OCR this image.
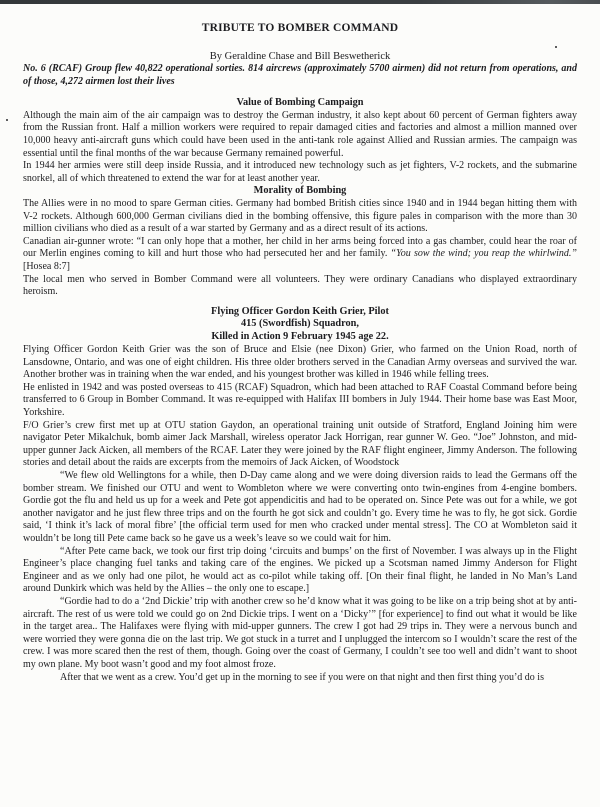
TRIBUTE TO BOMBER COMMAND
By Geraldine Chase and Bill Beswetherick

No. 6 (RCAF) Group flew 40,822 operational sorties. 814 aircrews (approximately 5700 airmen) did not return from operations, and of those, 4,272 airmen lost their lives

Value of Bombing Campaign

Although the main aim of the air campaign was to destroy the German industry, it also kept about 60 percent of German fighters away from the Russian front. Half a million workers were required to repair damaged cities and factories and almost a million manned over 10,000 heavy anti-aircraft guns which could have been used in the anti-tank role against Allied and Russian armies. The campaign was essential until the final months of the war because Germany remained powerful.

In 1944 her armies were still deep inside Russia, and it introduced new technology such as jet fighters, V-2 rockets, and the submarine snorkel, all of which threatened to extend the war for at least another year.

Morality of Bombing

The Allies were in no mood to spare German cities. Germany had bombed British cities since 1940 and in 1944 began hitting them with V-2 rockets. Although 600,000 German civilians died in the bombing offensive, this figure pales in comparison with the more than 30 million civilians who died as a result of a war started by Germany and as a direct result of its actions.

Canadian air-gunner wrote: “I can only hope that a mother, her child in her arms being forced into a gas chamber, could hear the roar of our Merlin engines coming to kill and hurt those who had persecuted her and her family. “You sow the wind; you reap the whirlwind.” [Hosea 8:7]

The local men who served in Bomber Command were all volunteers. They were ordinary Canadians who displayed extraordinary heroism.

Flying Officer Gordon Keith Grier, Pilot
415 (Swordfish) Squadron,
Killed in Action 9 February 1945 age 22.

Flying Officer Gordon Keith Grier was the son of Bruce and Elsie (nee Dixon) Grier, who farmed on the Union Road, north of Lansdowne, Ontario, and was one of eight children. His three older brothers served in the Canadian Army overseas and survived the war. Another brother was in training when the war ended, and his youngest brother was killed in 1946 while felling trees.

He enlisted in 1942 and was posted overseas to 415 (RCAF) Squadron, which had been attached to RAF Coastal Command before being transferred to 6 Group in Bomber Command. It was re-equipped with Halifax III bombers in July 1944. Their home base was East Moor, Yorkshire.

F/O Grier’s crew first met up at OTU station Gaydon, an operational training unit outside of Stratford, England Joining him were navigator Peter Mikalchuk, bomb aimer Jack Marshall, wireless operator Jack Horrigan, rear gunner W. Geo. “Joe” Johnston, and mid-upper gunner Jack Aicken, all members of the RCAF. Later they were joined by the RAF flight engineer, Jimmy Anderson. The following stories and detail about the raids are excerpts from the memoirs of Jack Aicken, of Woodstock

“We flew old Wellingtons for a while, then D-Day came along and we were doing diversion raids to lead the Germans off the bomber stream. We finished our OTU and went to Wombleton where we were converting onto twin-engines from 4-engine bombers. Gordie got the flu and held us up for a week and Pete got appendicitis and had to be operated on. Since Pete was out for a while, we got another navigator and he just flew three trips and on the fourth he got sick and couldn’t go. Every time he was to fly, he got sick. Gordie said, ‘I think it’s lack of moral fibre’ [the official term used for men who cracked under mental stress]. The CO at Wombleton said it wouldn’t be long till Pete came back so he gave us a week’s leave so we could wait for him.

“After Pete came back, we took our first trip doing ‘circuits and bumps’ on the first of November. I was always up in the Flight Engineer’s place changing fuel tanks and taking care of the engines. We picked up a Scotsman named Jimmy Anderson for Flight Engineer and as we only had one pilot, he would act as co-pilot while taking off. [On their final flight, he landed in No Man’s Land around Dunkirk which was held by the Allies – the only one to escape.]

“Gordie had to do a ‘2nd Dickie’ trip with another crew so he’d know what it was going to be like on a trip being shot at by anti-aircraft. The rest of us were told we could go on 2nd Dickie trips. I went on a ‘Dicky’” [for experience] to find out what it would be like in the target area.. The Halifaxes were flying with mid-upper gunners. The crew I got had 29 trips in. They were a nervous bunch and were worried they were gonna die on the last trip. We got stuck in a turret and I unplugged the intercom so I wouldn’t scare the rest of the crew. I was more scared then the rest of them, though. Going over the coast of Germany, I couldn’t see too well and didn’t want to shoot my own plane. My boot wasn’t good and my foot almost froze.

After that we went as a crew. You’d get up in the morning to see if you were on that night and then first thing you’d do is
